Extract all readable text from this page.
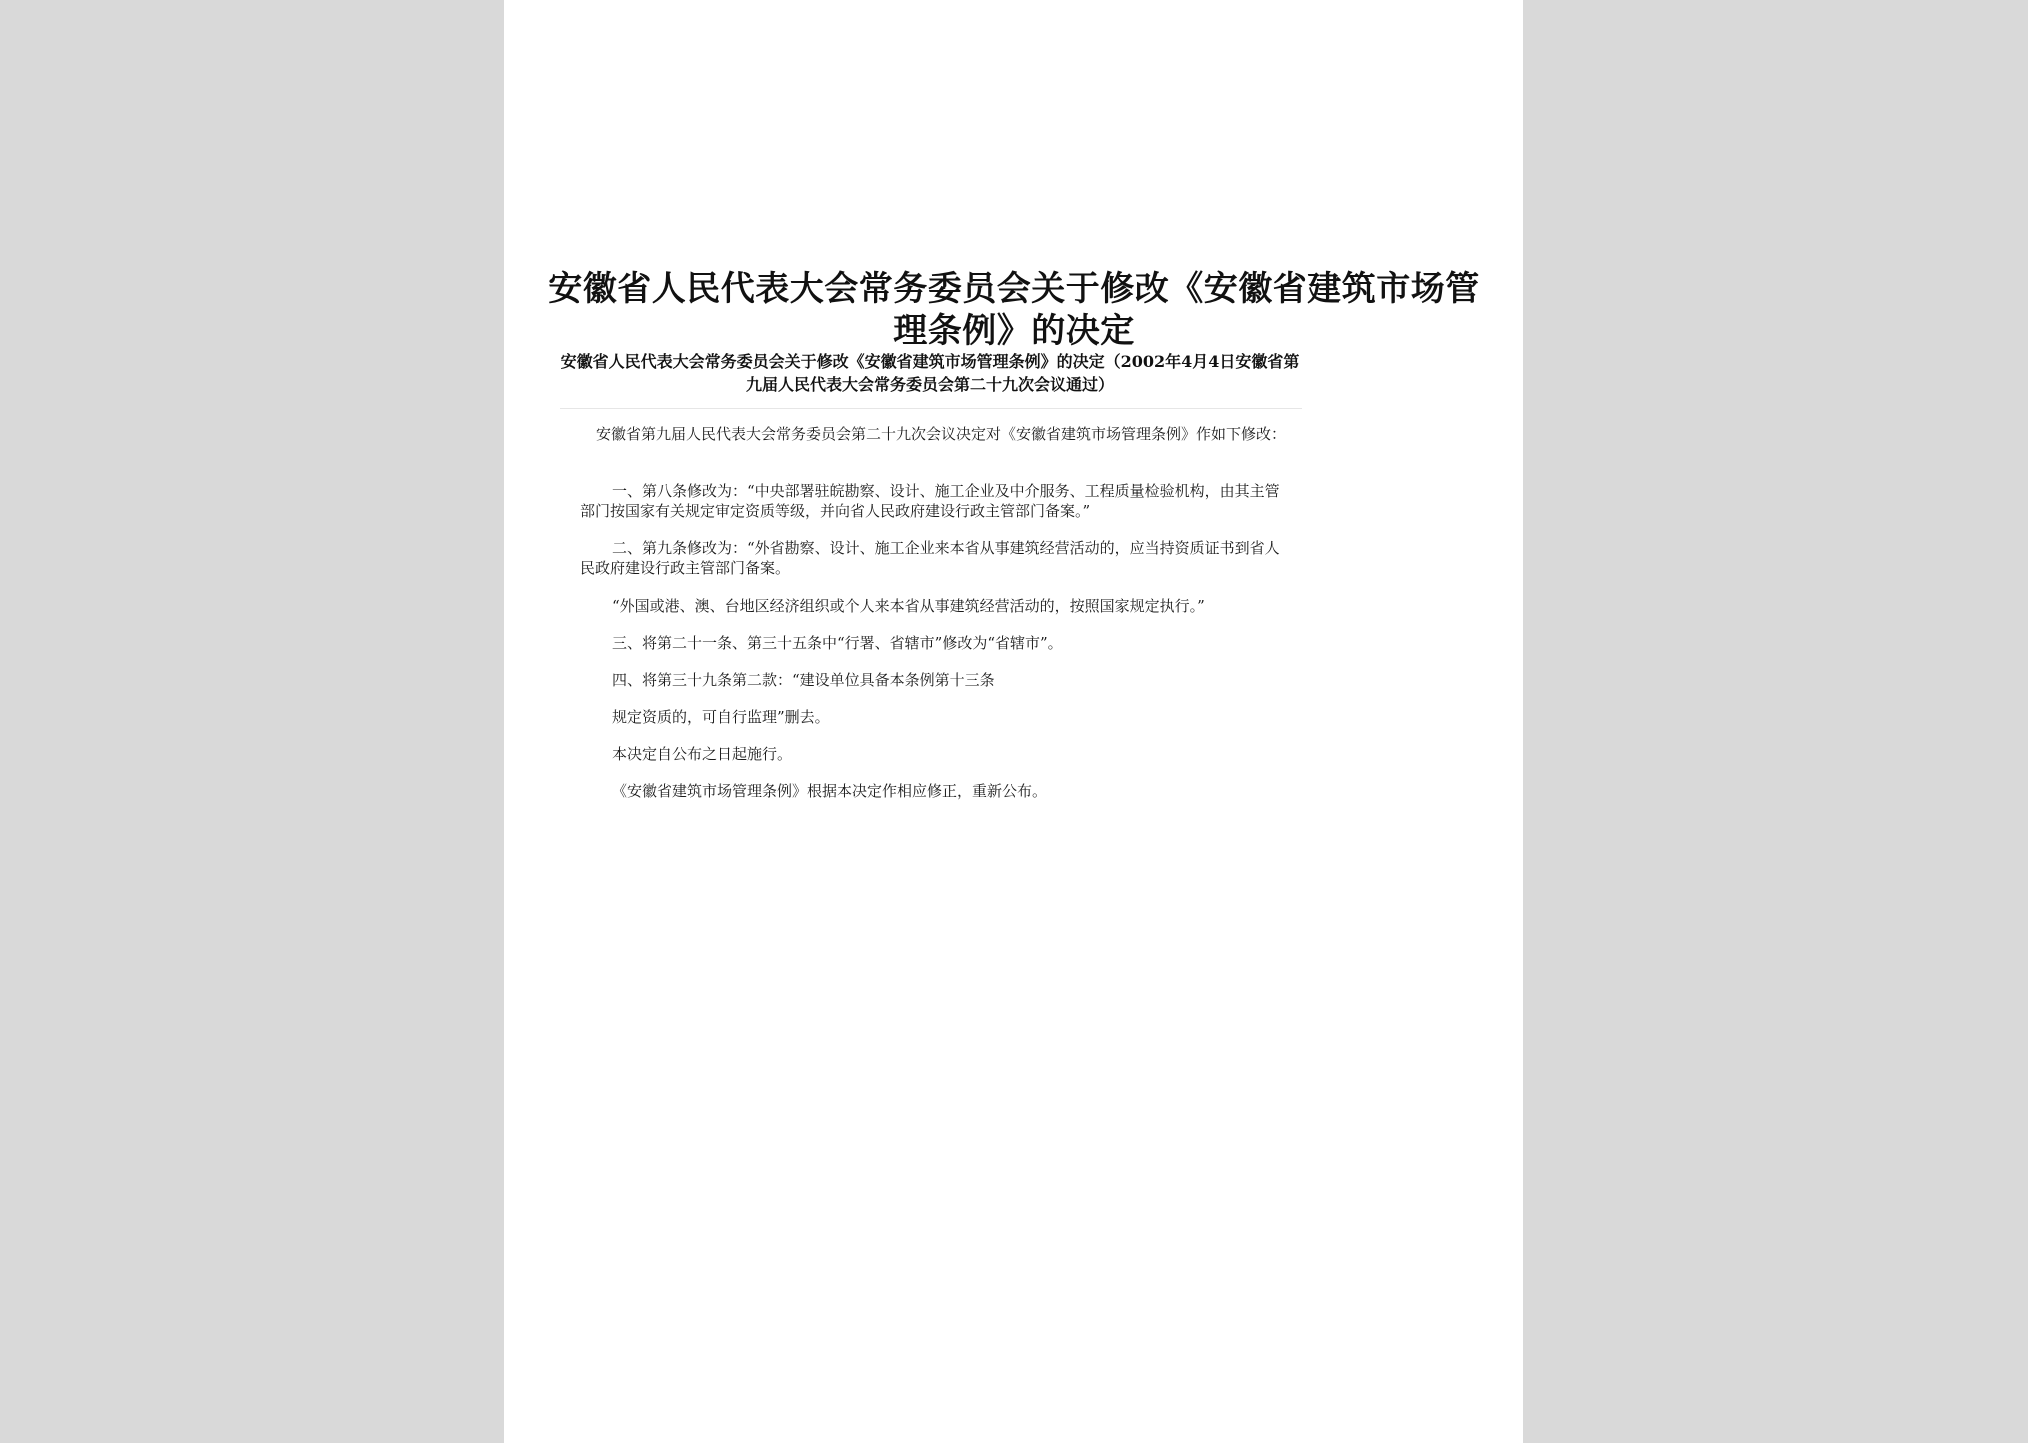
安徽省人民代表大会常务委员会关于修改《安徽省建筑市场管理条例》的决定
安徽省人民代表大会常务委员会关于修改《安徽省建筑市场管理条例》的决定（2002年4月4日安徽省第九届人民代表大会常务委员会第二十九次会议通过）
安徽省第九届人民代表大会常务委员会第二十九次会议决定对《安徽省建筑市场管理条例》作如下修改：
一、第八条修改为：“中央部署驻皖勘察、设计、施工企业及中介服务、工程质量检验机构，由其主管部门按国家有关规定审定资质等级，并向省人民政府建设行政主管部门备案。”
二、第九条修改为：“外省勘察、设计、施工企业来本省从事建筑经营活动的，应当持资质证书到省人民政府建设行政主管部门备案。
“外国或港、澳、台地区经济组织或个人来本省从事建筑经营活动的，按照国家规定执行。”
三、将第二十一条、第三十五条中“行署、省辖市”修改为“省辖市”。
四、将第三十九条第二款：“建设单位具备本条例第十三条
规定资质的，可自行监理”删去。
本决定自公布之日起施行。
《安徽省建筑市场管理条例》根据本决定作相应修正，重新公布。
